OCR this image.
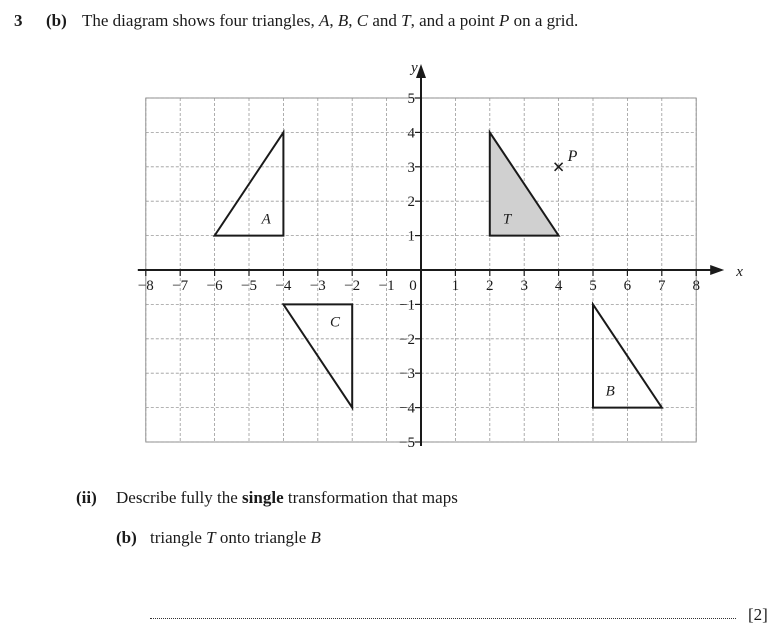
3 (b) The diagram shows four triangles, A, B, C and T, and a point P on a grid.
x
y
−8 −7 −6 −5 −4 −3 −2 −1 0 1 2 3 4 5 6 7 8
5
4
3
2
1
−1
−2
−3
−4
−5
A	T
C
B
P
(ii) Describe fully the single transformation that maps
(b) triangle T onto triangle B
[2]
